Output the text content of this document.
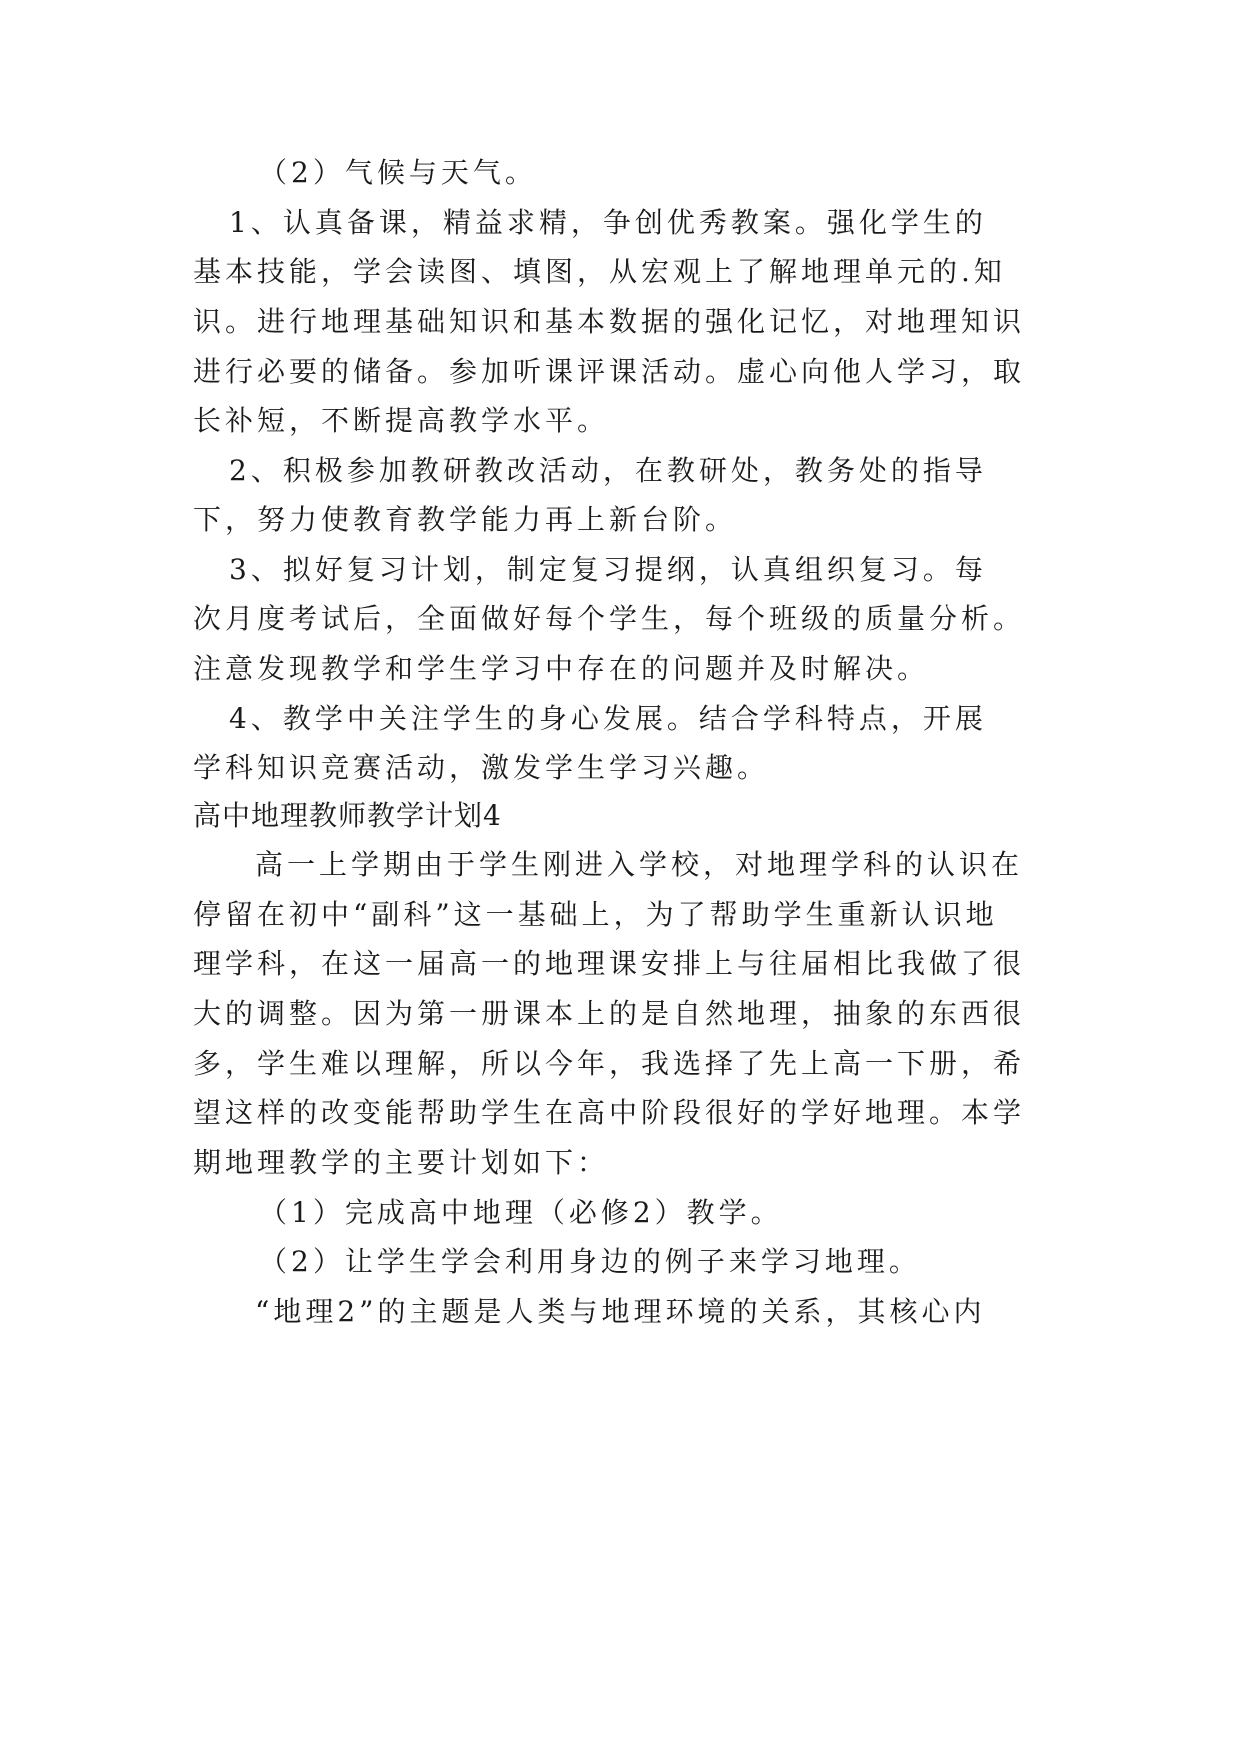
（2）气候与天气。
1、认真备课，精益求精，争创优秀教案。强化学生的
基本技能，学会读图、填图，从宏观上了解地理单元的.知
识。进行地理基础知识和基本数据的强化记忆，对地理知识
进行必要的储备。参加听课评课活动。虚心向他人学习，取
长补短，不断提高教学水平。
2、积极参加教研教改活动，在教研处，教务处的指导
下，努力使教育教学能力再上新台阶。
3、拟好复习计划，制定复习提纲，认真组织复习。每
次月度考试后，全面做好每个学生，每个班级的质量分析。
注意发现教学和学生学习中存在的问题并及时解决。
4、教学中关注学生的身心发展。结合学科特点，开展
学科知识竞赛活动，激发学生学习兴趣。
高中地理教师教学计划4
高一上学期由于学生刚进入学校，对地理学科的认识在
停留在初中“副科”这一基础上，为了帮助学生重新认识地
理学科，在这一届高一的地理课安排上与往届相比我做了很
大的调整。因为第一册课本上的是自然地理，抽象的东西很
多，学生难以理解，所以今年，我选择了先上高一下册，希
望这样的改变能帮助学生在高中阶段很好的学好地理。本学
期地理教学的主要计划如下：
（1）完成高中地理（必修2）教学。
（2）让学生学会利用身边的例子来学习地理。
“地理2”的主题是人类与地理环境的关系，其核心内
